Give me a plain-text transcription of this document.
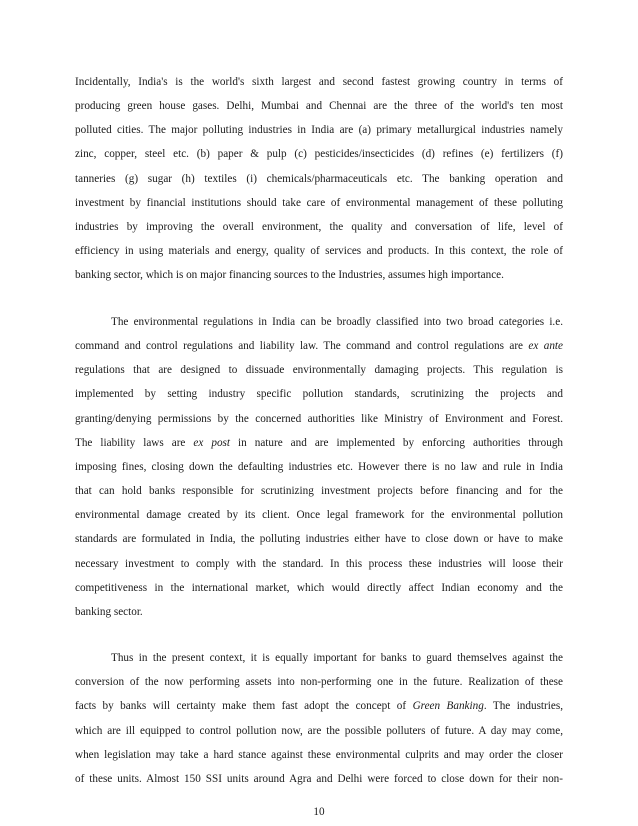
Incidentally, India's is the world's sixth largest and second fastest growing country in terms of
producing green house gases. Delhi, Mumbai and Chennai are the three of the world's ten most
polluted cities. The major polluting industries in India are (a) primary metallurgical industries namely
zinc, copper, steel etc. (b) paper & pulp (c) pesticides/insecticides (d) refines (e) fertilizers (f)
tanneries (g) sugar (h) textiles (i) chemicals/pharmaceuticals etc. The banking operation and
investment by financial institutions should take care of environmental management of these polluting
industries by improving the overall environment, the quality and conversation of life, level of
efficiency in using materials and energy, quality of services and products. In this context, the role of
banking sector, which is on major financing sources to the Industries, assumes high importance.
The environmental regulations in India can be broadly classified into two broad categories i.e.
command and control regulations and liability law. The command and control regulations are ex ante
regulations that are designed to dissuade environmentally damaging projects. This regulation is
implemented by setting industry specific pollution standards, scrutinizing the projects and
granting/denying permissions by the concerned authorities like Ministry of Environment and Forest.
The liability laws are ex post in nature and are implemented by enforcing authorities through
imposing fines, closing down the defaulting industries etc. However there is no law and rule in India
that can hold banks responsible for scrutinizing investment projects before financing and for the
environmental damage created by its client. Once legal framework for the environmental pollution
standards are formulated in India, the polluting industries either have to close down or have to make
necessary investment to comply with the standard. In this process these industries will loose their
competitiveness in the international market, which would directly affect Indian economy and the
banking sector.
Thus in the present context, it is equally important for banks to guard themselves against the
conversion of the now performing assets into non-performing one in the future. Realization of these
facts by banks will certainty make them fast adopt the concept of Green Banking. The industries,
which are ill equipped to control pollution now, are the possible polluters of future. A day may come,
when legislation may take a hard stance against these environmental culprits and may order the closer
of these units. Almost 150 SSI units around Agra and Delhi were forced to close down for their non-
10
